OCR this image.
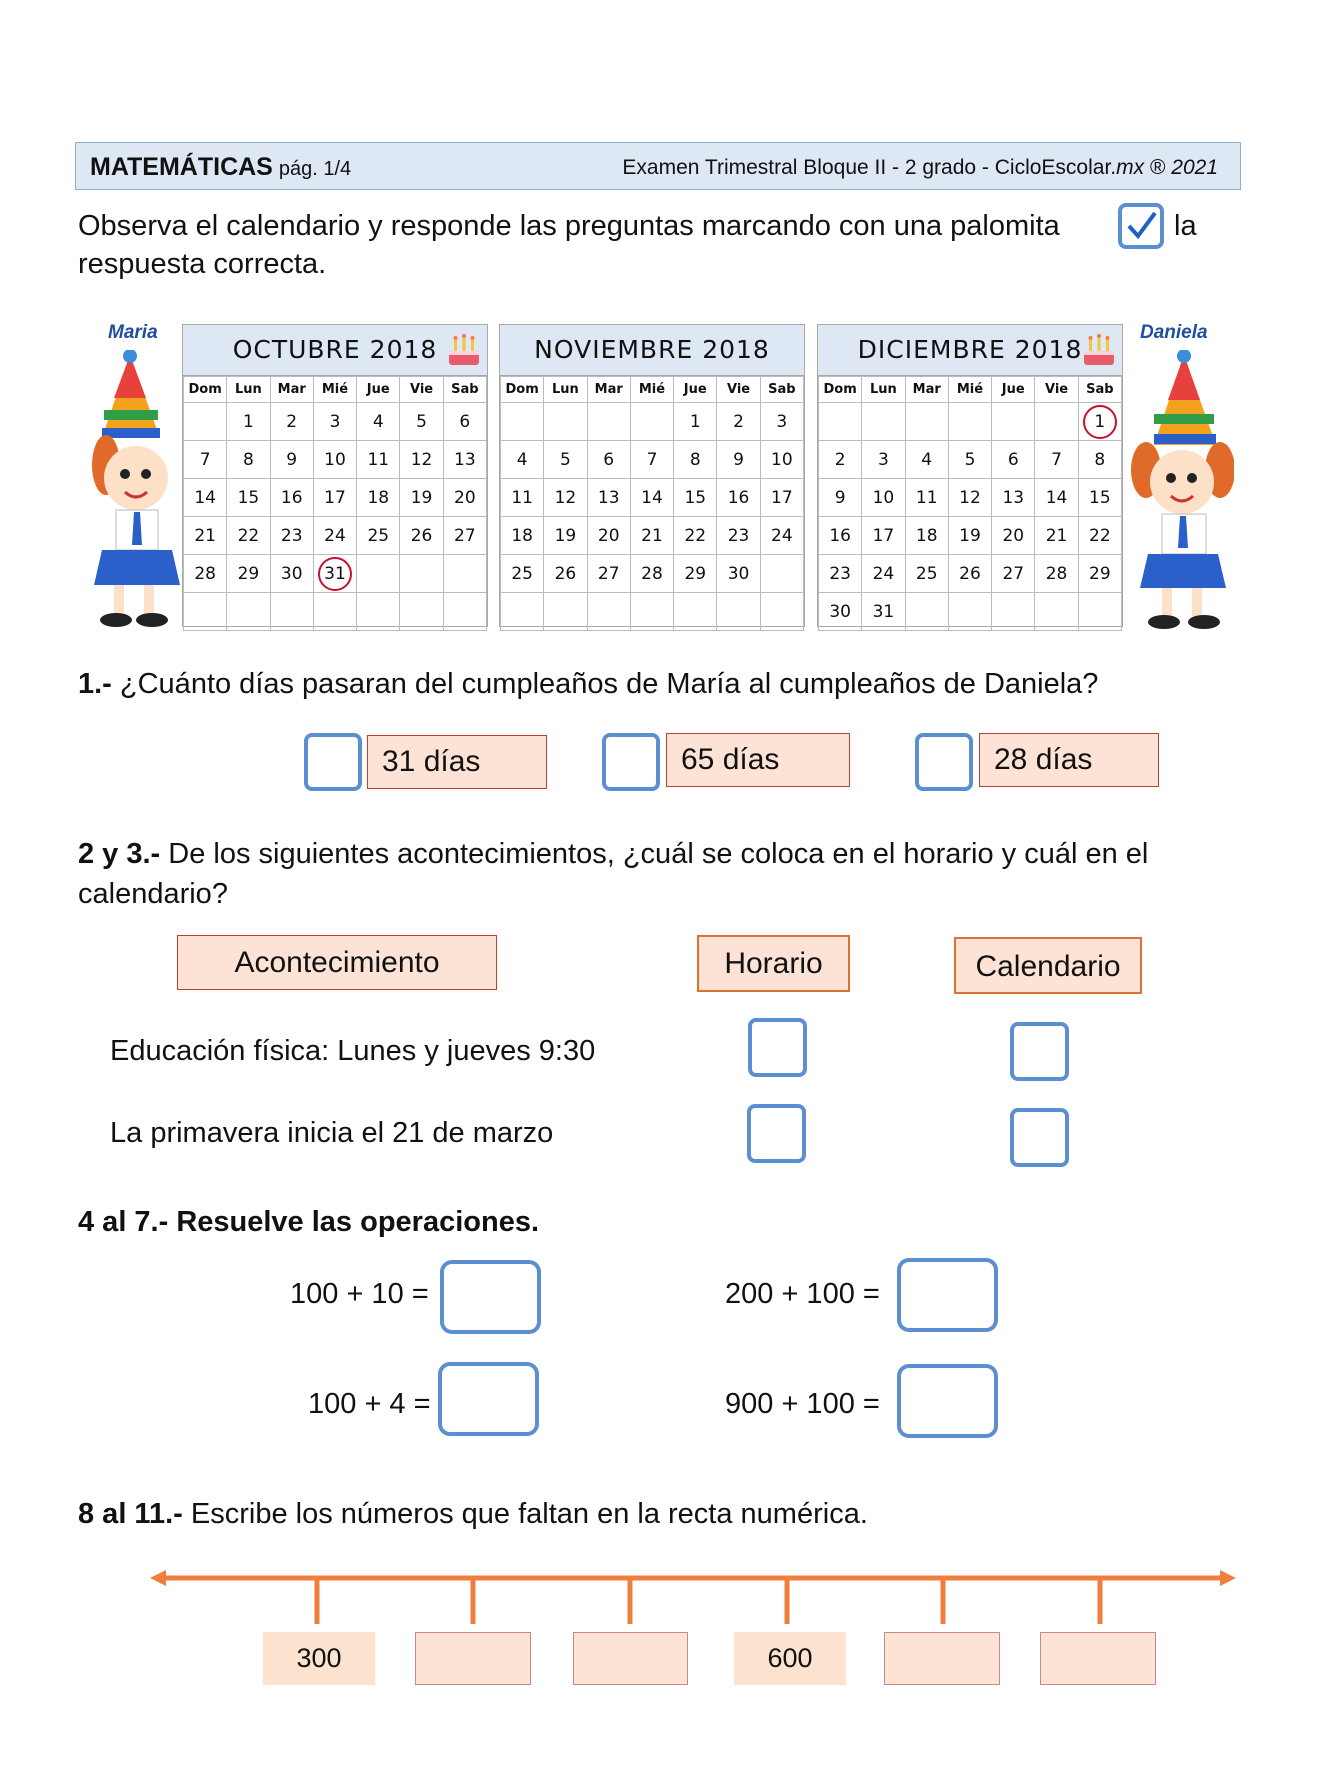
MATEMÁTICAS pág. 1/4	Examen Trimestral Bloque II - 2 grado - CicloEscolar.mx ® 2021
Observa el calendario y responde las preguntas marcando con una palomita	la
respuesta correcta.
Maria	Daniela
OCTUBRE 2018
Dom	Lun	Mar	Mié	Jue	Vie	Sab
	1	2	3	4	5	6
7	8	9	10	11	12	13
14	15	16	17	18	19	20
21	22	23	24	25	26	27
28	29	30	31			

NOVIEMBRE 2018
Dom	Lun	Mar	Mié	Jue	Vie	Sab
				1	2	3
4	5	6	7	8	9	10
11	12	13	14	15	16	17
18	19	20	21	22	23	24
25	26	27	28	29	30	

DICIEMBRE 2018
Dom	Lun	Mar	Mié	Jue	Vie	Sab
						1
2	3	4	5	6	7	8
9	10	11	12	13	14	15
16	17	18	19	20	21	22
23	24	25	26	27	28	29
30	31					
1.- ¿Cuánto días pasaran del cumpleaños de María al cumpleaños de Daniela?
31 días	65 días	28 días
2 y 3.- De los siguientes acontecimientos, ¿cuál se coloca en el horario y cuál en el
calendario?
Acontecimiento	Horario	Calendario
Educación física: Lunes y jueves 9:30
La primavera inicia el 21 de marzo
4 al 7.- Resuelve las operaciones.
100 + 10 =	200 + 100 =
100 + 4 =	900 + 100 =
8 al 11.- Escribe los números que faltan en la recta numérica.
300	600
